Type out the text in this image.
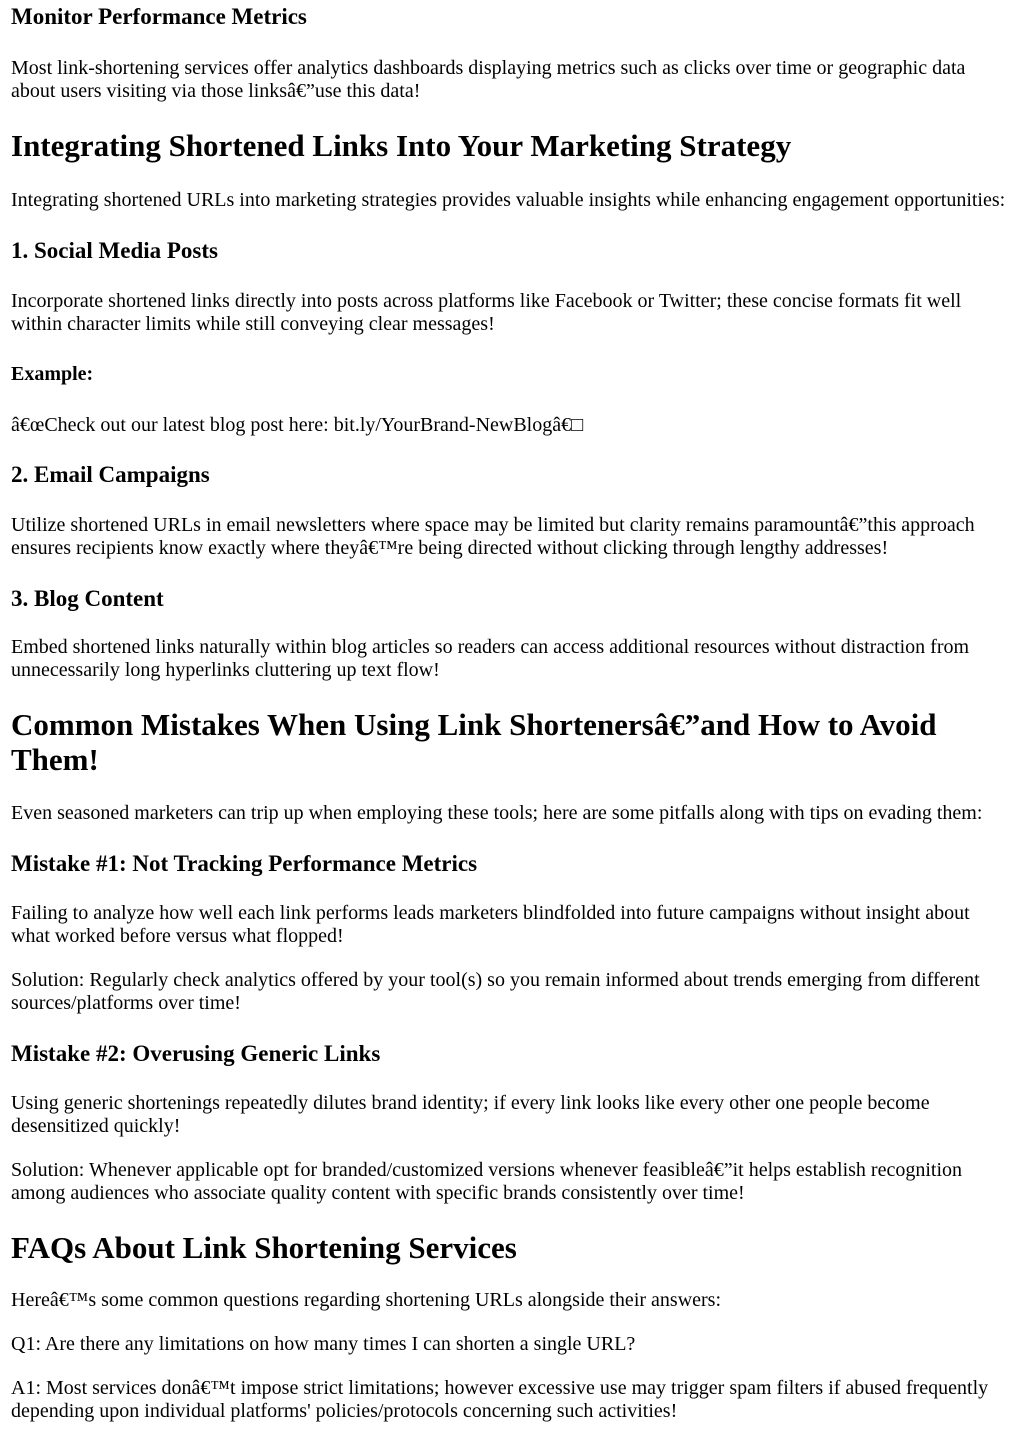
Monitor Performance Metrics

Most link-shortening services offer analytics dashboards displaying metrics such as clicks over time or geographic data about users visiting via those linksâ€”use this data!

Integrating Shortened Links Into Your Marketing Strategy

Integrating shortened URLs into marketing strategies provides valuable insights while enhancing engagement opportunities:

1. Social Media Posts

Incorporate shortened links directly into posts across platforms like Facebook or Twitter; these concise formats fit well within character limits while still conveying clear messages!

Example:

â€œCheck out our latest blog post here: bit.ly/YourBrand-NewBlogâ€□

2. Email Campaigns

Utilize shortened URLs in email newsletters where space may be limited but clarity remains paramountâ€”this approach ensures recipients know exactly where theyâ€™re being directed without clicking through lengthy addresses!

3. Blog Content

Embed shortened links naturally within blog articles so readers can access additional resources without distraction from unnecessarily long hyperlinks cluttering up text flow!

Common Mistakes When Using Link Shortenersâ€”and How to Avoid Them!

Even seasoned marketers can trip up when employing these tools; here are some pitfalls along with tips on evading them:

Mistake #1: Not Tracking Performance Metrics

Failing to analyze how well each link performs leads marketers blindfolded into future campaigns without insight about what worked before versus what flopped!

Solution: Regularly check analytics offered by your tool(s) so you remain informed about trends emerging from different sources/platforms over time!

Mistake #2: Overusing Generic Links

Using generic shortenings repeatedly dilutes brand identity; if every link looks like every other one people become desensitized quickly!

Solution: Whenever applicable opt for branded/customized versions whenever feasibleâ€”it helps establish recognition among audiences who associate quality content with specific brands consistently over time!

FAQs About Link Shortening Services

Hereâ€™s some common questions regarding shortening URLs alongside their answers:

Q1: Are there any limitations on how many times I can shorten a single URL?

A1: Most services donâ€™t impose strict limitations; however excessive use may trigger spam filters if abused frequently depending upon individual platforms' policies/protocols concerning such activities!
